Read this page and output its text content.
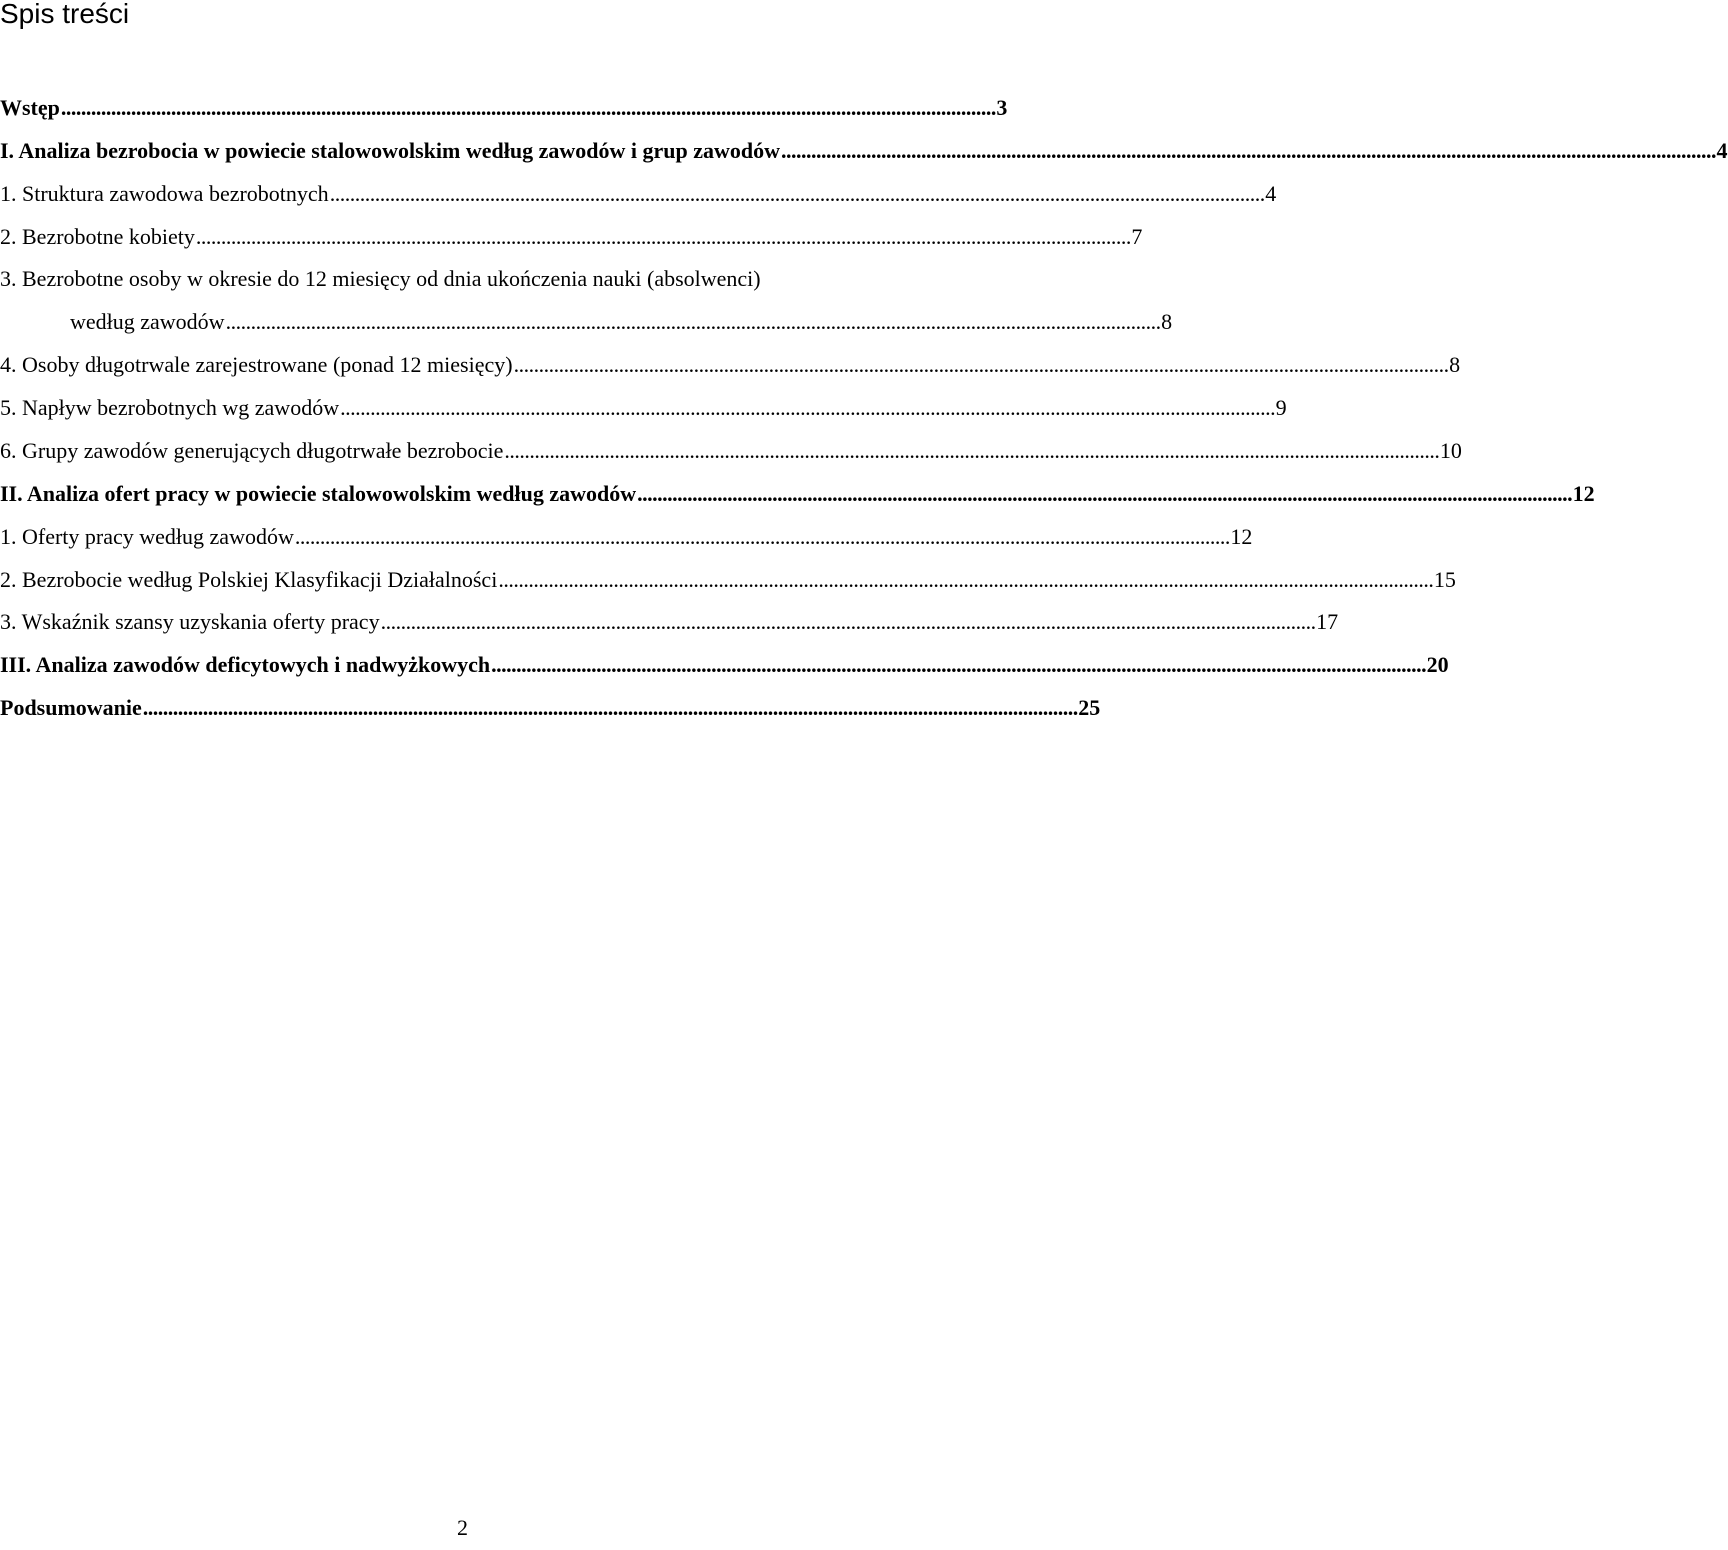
Spis treści
Wstęp . . .	3
I. Analiza bezrobocia w powiecie stalowowolskim według zawodów i grup zawodów . . .	4
1. Struktura zawodowa bezrobotnych . . .	4
2. Bezrobotne kobiety . . .	7
3. Bezrobotne osoby w okresie do 12 miesięcy od dnia ukończenia nauki (absolwenci)
według zawodów . . .	8
4. Osoby długotrwale zarejestrowane (ponad 12 miesięcy) . . .	8
5. Napływ bezrobotnych wg zawodów . . .	9
6. Grupy zawodów generujących długotrwałe bezrobocie . . .	10
II. Analiza ofert pracy w powiecie stalowowolskim według zawodów . . .	12
1. Oferty pracy według zawodów . . .	12
2. Bezrobocie według Polskiej Klasyfikacji Działalności . . .	15
3. Wskaźnik szansy uzyskania oferty pracy . . .	17
III. Analiza zawodów deficytowych i nadwyżkowych . . .	20
Podsumowanie . . .	25
2
